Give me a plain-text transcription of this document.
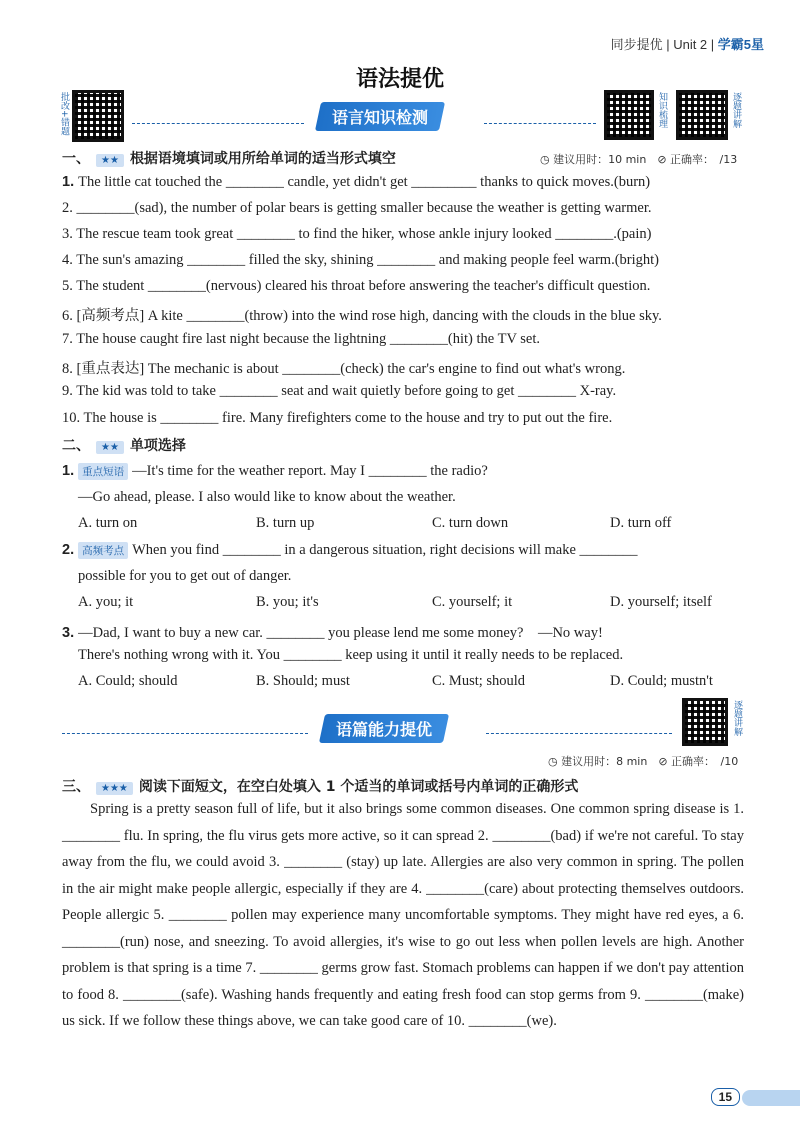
同步提优 | Unit 2 | 学霸5星
语法提优
批改+错题	知识梳理	逐题讲解
语言知识检测
一、 ★★ 根据语境填词或用所给单词的适当形式填空	◷ 建议用时：10 min　⊘ 正确率：　/13
1. The little cat touched the ________ candle, yet didn't get _________ thanks to quick moves.(burn)
2. ________(sad), the number of polar bears is getting smaller because the weather is getting warmer.
3. The rescue team took great ________ to find the hiker, whose ankle injury looked ________.(pain)
4. The sun's amazing ________ filled the sky, shining ________ and making people feel warm.(bright)
5. The student ________(nervous) cleared his throat before answering the teacher's difficult question.
6. [高频考点] A kite ________(throw) into the wind rose high, dancing with the clouds in the blue sky.
7. The house caught fire last night because the lightning ________(hit) the TV set.
8. [重点表达] The mechanic is about ________(check) the car's engine to find out what's wrong.
9. The kid was told to take ________ seat and wait quietly before going to get ________ X-ray.
10. The house is ________ fire. Many firefighters come to the house and try to put out the fire.
二、 ★★ 单项选择
1. 重点短语 —It's time for the weather report. May I ________ the radio?
—Go ahead, please. I also would like to know about the weather.
A. turn on	B. turn up	C. turn down	D. turn off
2. 高频考点 When you find ________ in a dangerous situation, right decisions will make ________
possible for you to get out of danger.
A. you; it	B. you; it's	C. yourself; it	D. yourself; itself
3. —Dad, I want to buy a new car. ________ you please lend me some money?　—No way!
There's nothing wrong with it. You ________ keep using it until it really needs to be replaced.
A. Could; should	B. Should; must	C. Must; should	D. Could; mustn't
语篇能力提优	逐题讲解
◷ 建议用时：8 min　⊘ 正确率：　/10
三、 ★★★ 阅读下面短文，在空白处填入 1 个适当的单词或括号内单词的正确形式
Spring is a pretty season full of life, but it also brings some common diseases. One common spring disease is 1. ________ flu. In spring, the flu virus gets more active, so it can spread 2. ________(bad) if we're not careful. To stay away from the flu, we could avoid 3. ________ (stay) up late. Allergies are also very common in spring. The pollen in the air might make people allergic, especially if they are 4. ________(care) about protecting themselves outdoors. People allergic 5. ________ pollen may experience many uncomfortable symptoms. They might have red eyes, a 6. ________(run) nose, and sneezing. To avoid allergies, it's wise to go out less when pollen levels are high. Another problem is that spring is a time 7. ________ germs grow fast. Stomach problems can happen if we don't pay attention to food 8. ________(safe). Washing hands frequently and eating fresh food can stop germs from 9. ________(make) us sick. If we follow these things above, we can take good care of 10. ________(we).
15
